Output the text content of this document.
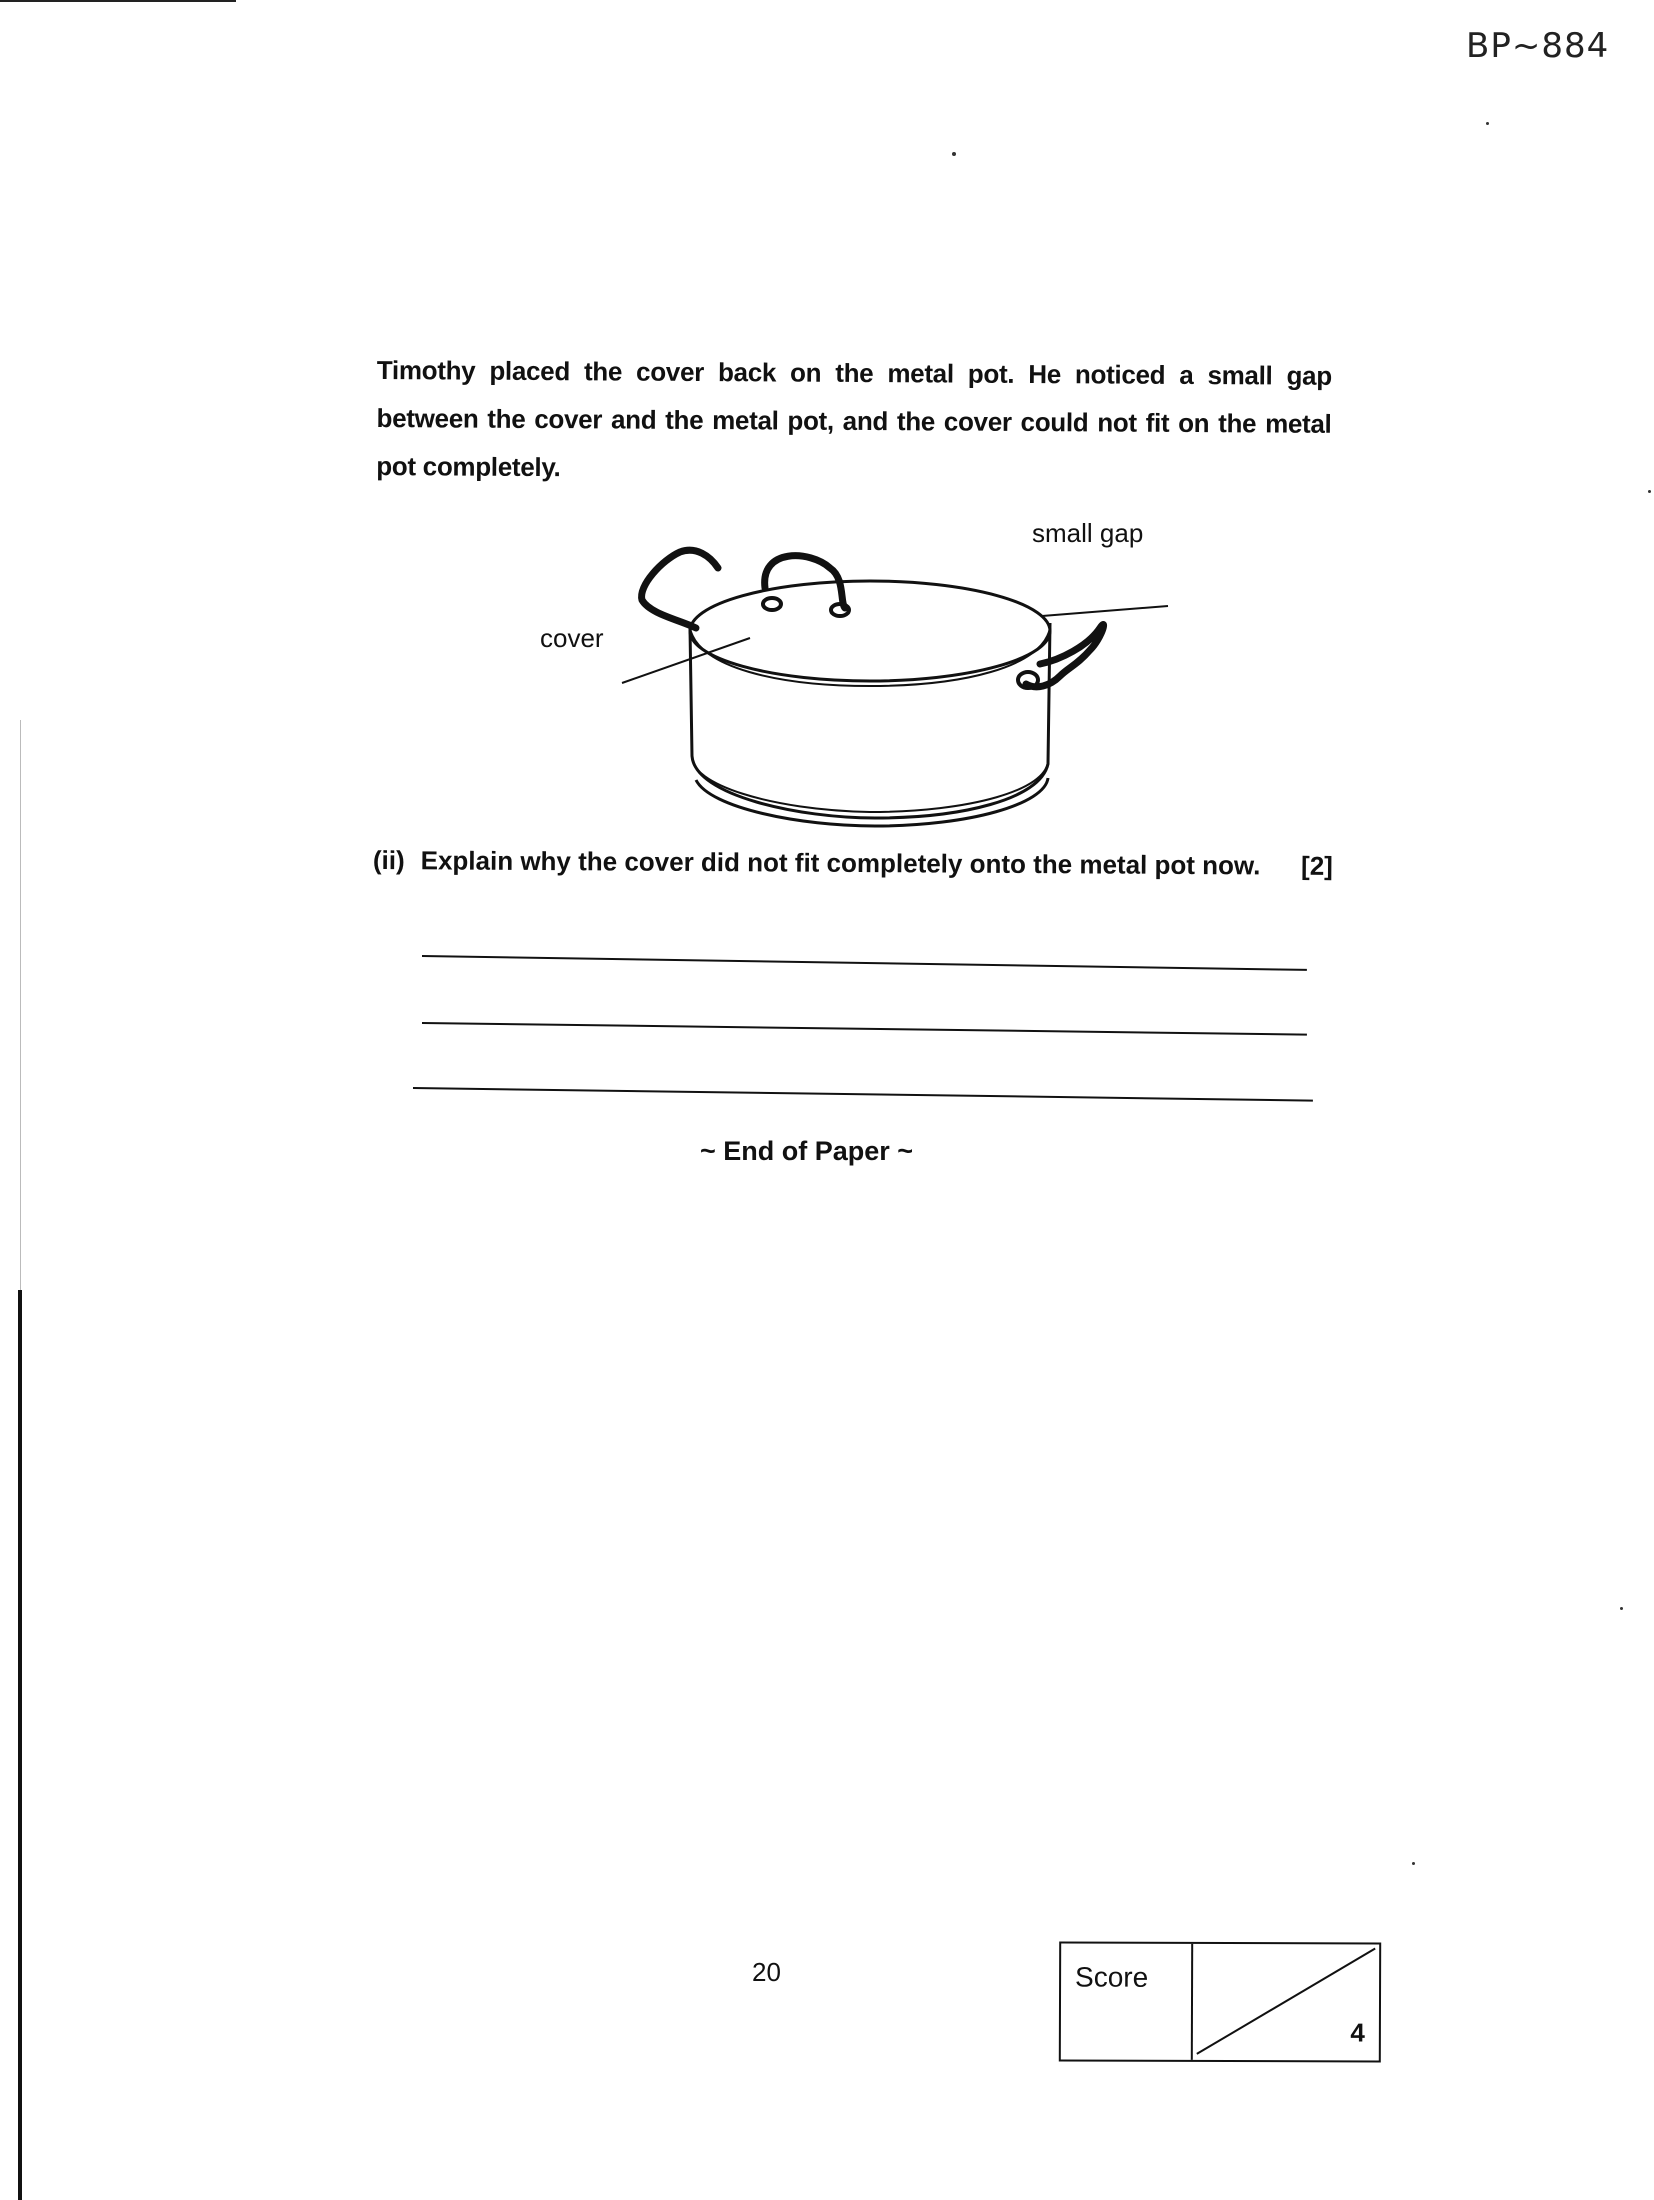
BP~884
Timothy placed the cover back on the metal pot. He noticed a small gap between the cover and the metal pot, and the cover could not fit on the metal pot completely.
small gap
cover
(ii) Explain why the cover did not fit completely onto the metal pot now.	[2]
~ End of Paper ~
20	Score
4
